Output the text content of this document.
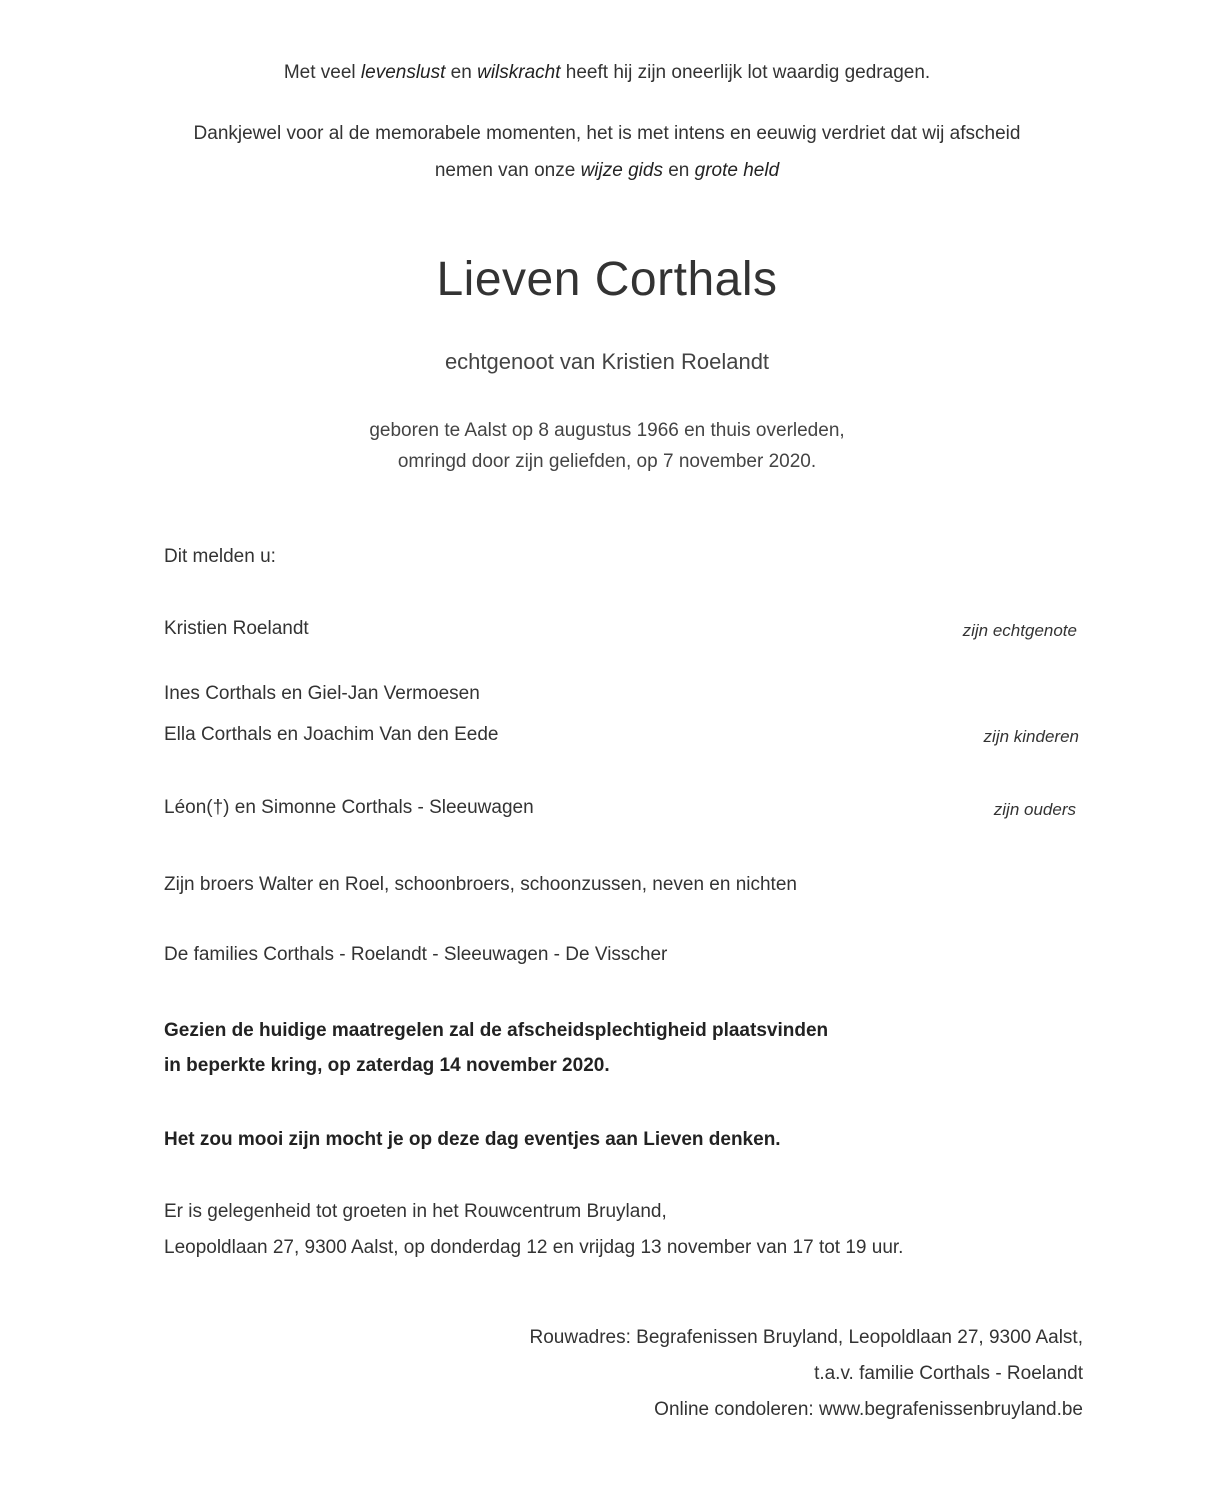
Met veel levenslust en wilskracht heeft hij zijn oneerlijk lot waardig gedragen.
Dankjewel voor al de memorabele momenten, het is met intens en eeuwig verdriet dat wij afscheid
nemen van onze wijze gids en grote held
Lieven Corthals
echtgenoot van Kristien Roelandt
geboren te Aalst op 8 augustus 1966 en thuis overleden,
omringd door zijn geliefden, op 7 november 2020.
Dit melden u:
Kristien Roelandt	zijn echtgenote
Ines Corthals en Giel-Jan Vermoesen
Ella Corthals en Joachim Van den Eede	zijn kinderen
Léon(†) en Simonne Corthals - Sleeuwagen	zijn ouders
Zijn broers Walter en Roel, schoonbroers, schoonzussen, neven en nichten
De families Corthals - Roelandt - Sleeuwagen - De Visscher
Gezien de huidige maatregelen zal de afscheidsplechtigheid plaatsvinden
in beperkte kring, op zaterdag 14 november 2020.
Het zou mooi zijn mocht je op deze dag eventjes aan Lieven denken.
Er is gelegenheid tot groeten in het Rouwcentrum Bruyland,
Leopoldlaan 27, 9300 Aalst, op donderdag 12 en vrijdag 13 november van 17 tot 19 uur.
Rouwadres: Begrafenissen Bruyland, Leopoldlaan 27, 9300 Aalst,
t.a.v. familie Corthals - Roelandt
Online condoleren: www.begrafenissenbruyland.be
